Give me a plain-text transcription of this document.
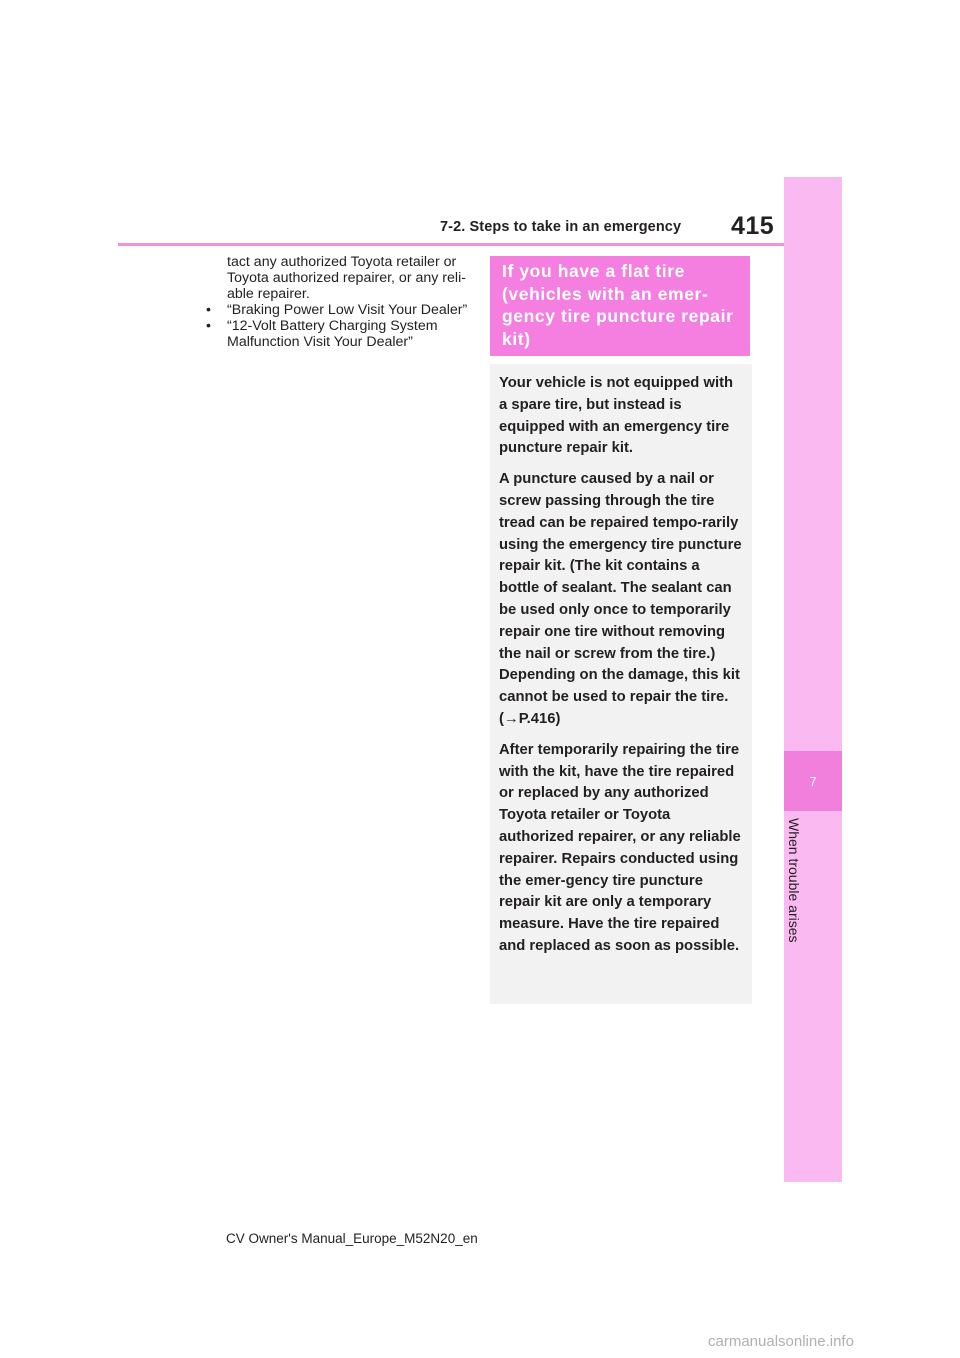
7-2. Steps to take in an emergency 415
7
When trouble arises

tact any authorized Toyota retailer or Toyota authorized repairer, or any reli-able repairer.

• “Braking Power Low Visit Your Dealer”
• “12-Volt Battery Charging System Malfunction Visit Your Dealer”
If you have a flat tire (vehicles with an emer-gency tire puncture repair kit)

Your vehicle is not equipped with a spare tire, but instead is equipped with an emergency tire puncture repair kit.

A puncture caused by a nail or screw passing through the tire tread can be repaired tempo-rarily using the emergency tire puncture repair kit. (The kit contains a bottle of sealant. The sealant can be used only once to temporarily repair one tire without removing the nail or screw from the tire.) Depending on the damage, this kit cannot be used to repair the tire. (→P.416)

After temporarily repairing the tire with the kit, have the tire repaired or replaced by any authorized Toyota retailer or Toyota authorized repairer, or any reliable repairer. Repairs conducted using the emer-gency tire puncture repair kit are only a temporary measure. Have the tire repaired and replaced as soon as possible.

CV Owner's Manual_Europe_M52N20_en
carmanualsonline.info
